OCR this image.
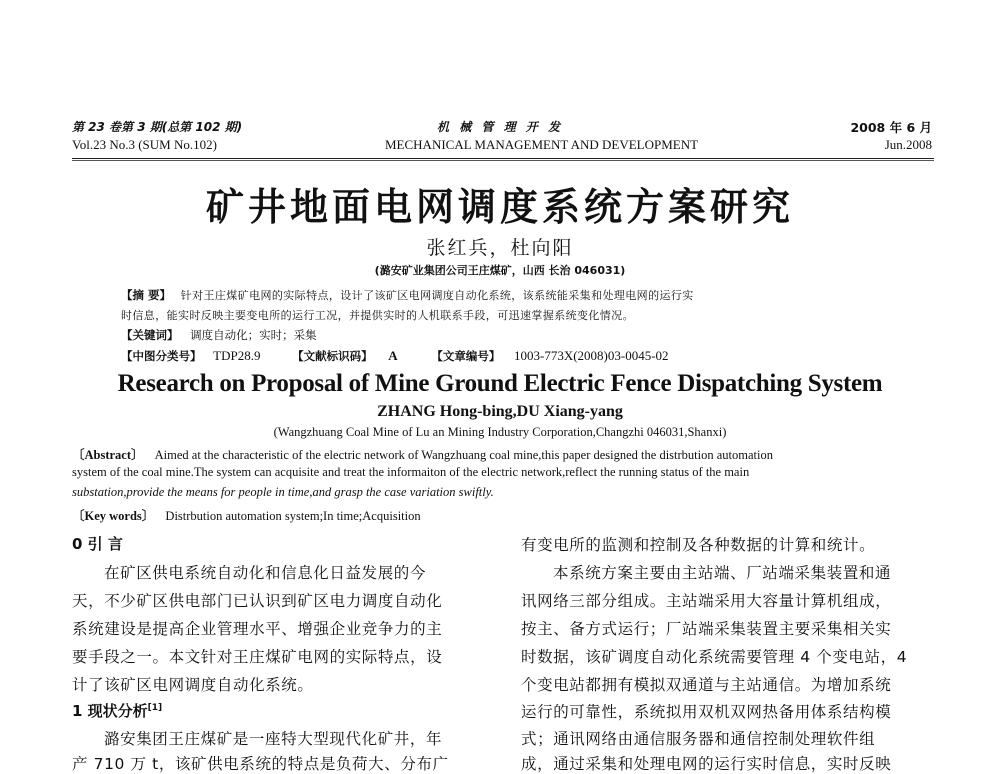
第 23 卷第 3 期(总第 102 期)
Vol.23 No.3 (SUM No.102)
机 械 管 理 开 发
MECHANICAL MANAGEMENT AND DEVELOPMENT
2008 年 6 月
Jun.2008
矿井地面电网调度系统方案研究
张红兵，杜向阳
(潞安矿业集团公司王庄煤矿，山西 长治 046031)
【摘 要】 针对王庄煤矿电网的实际特点，设计了该矿区电网调度自动化系统，该系统能采集和处理电网的运行实
时信息，能实时反映主要变电所的运行工况，并提供实时的人机联系手段，可迅速掌握系统变化情况。
【关键词】 调度自动化；实时；采集
【中图分类号】 TDP28.9	【文献标识码】 A	【文章编号】 1003-773X(2008)03-0045-02
Research on Proposal of Mine Ground Electric Fence Dispatching System
ZHANG Hong-bing,DU Xiang-yang
(Wangzhuang Coal Mine of Lu an Mining Industry Corporation,Changzhi 046031,Shanxi)
〔Abstract〕 Aimed at the characteristic of the electric network of Wangzhuang coal mine,this paper designed the distrbution automation
system of the coal mine.The system can acquisite and treat the informaiton of the electric network,reflect the running status of the main
substation,provide the means for people in time,and grasp the case variation swiftly.
〔Key words〕 Distrbution automation system;In time;Acquisition
0 引 言
在矿区供电系统自动化和信息化日益发展的今
天，不少矿区供电部门已认识到矿区电力调度自动化
系统建设是提高企业管理水平、增强企业竞争力的主
要手段之一。本文针对王庄煤矿电网的实际特点，设
计了该矿区电网调度自动化系统。
1 现状分析[1]
潞安集团王庄煤矿是一座特大型现代化矿井，年
产 710 万 t，该矿供电系统的特点是负荷大、分布广
有变电所的监测和控制及各种数据的计算和统计。
本系统方案主要由主站端、厂站端采集装置和通
讯网络三部分组成。主站端采用大容量计算机组成，
按主、备方式运行；厂站端采集装置主要采集相关实
时数据，该矿调度自动化系统需要管理 4 个变电站，4
个变电站都拥有模拟双通道与主站通信。为增加系统
运行的可靠性，系统拟用双机双网热备用体系结构模
式；通讯网络由通信服务器和通信控制处理软件组
成，通过采集和处理电网的运行实时信息，实时反映
